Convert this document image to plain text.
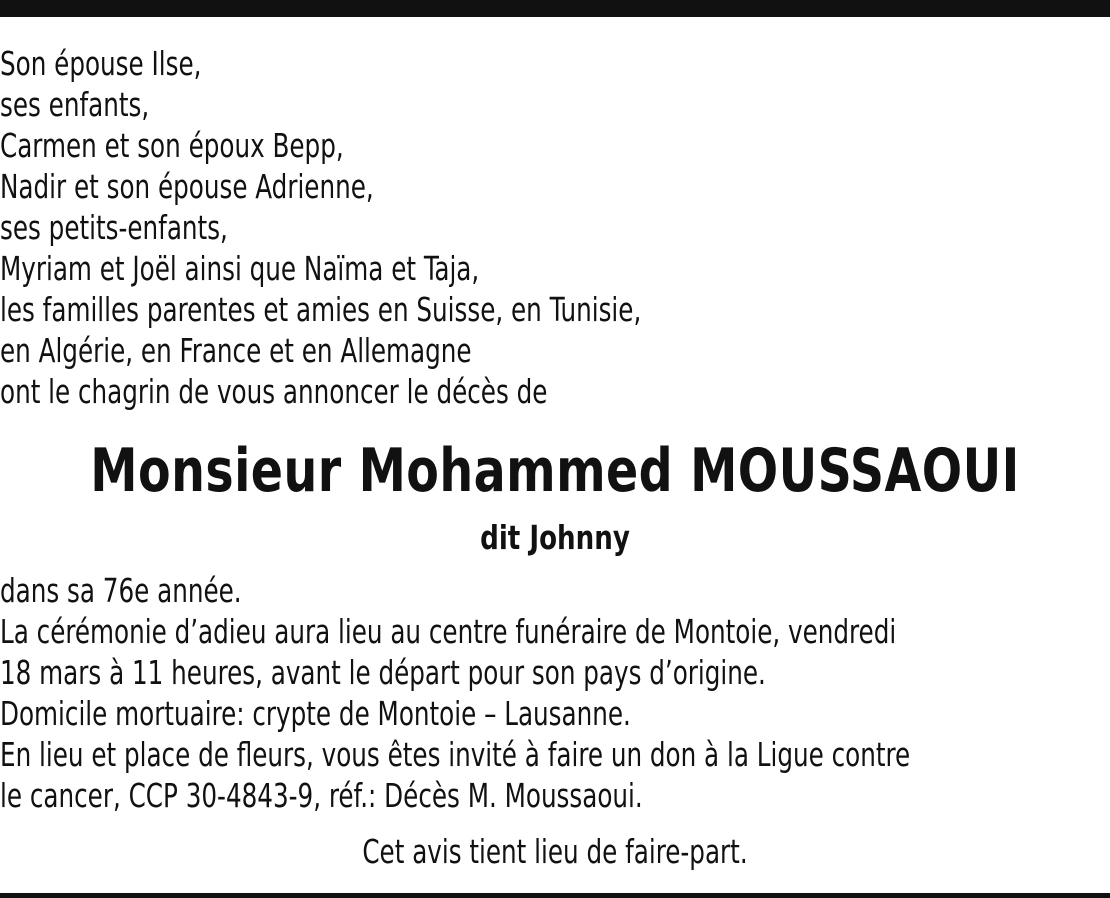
Son épouse Ilse,

ses enfants,

Carmen et son époux Bepp,

Nadir et son épouse Adrienne,

ses petits-enfants,

Myriam et Joël ainsi que Naïma et Taja,

les familles parentes et amies en Suisse, en Tunisie,

en Algérie, en France et en Allemagne

ont le chagrin de vous annoncer le décès de

Monsieur Mohammed MOUSSAOUI

dit Johnny

dans sa 76e année.

La cérémonie d’adieu aura lieu au centre funéraire de Montoie, vendredi

18 mars à 11 heures, avant le départ pour son pays d’origine.

Domicile mortuaire: crypte de Montoie – Lausanne.

En lieu et place de fleurs, vous êtes invité à faire un don à la Ligue contre

le cancer, CCP 30-4843-9, réf.: Décès M. Moussaoui.

Cet avis tient lieu de faire-part.
